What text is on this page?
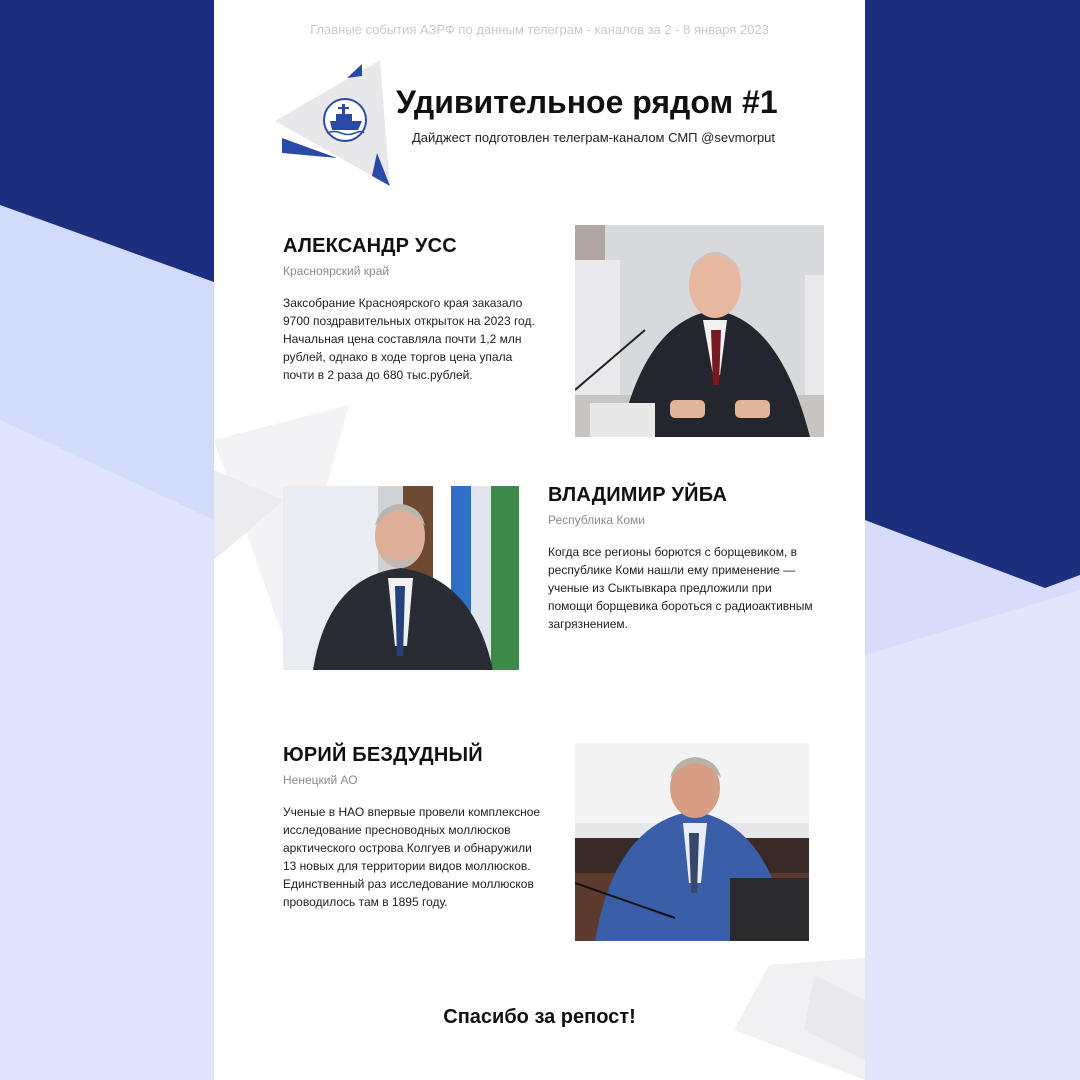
Главные события АЗРФ по данным телеграм - каналов за 2 - 8 января 2023
Удивительное рядом #1
Дайджест подготовлен телеграм-каналом СМП @sevmorput
АЛЕКСАНДР УСС
Красноярский край
Заксобрание Красноярского края заказало 9700 поздравительных открыток на 2023 год. Начальная цена составляла почти 1,2 млн рублей, однако в ходе торгов цена упала почти в 2 раза до 680 тыс.рублей.
ВЛАДИМИР УЙБА
Республика Коми
Когда все регионы борются с борщевиком, в республике Коми нашли ему применение — ученые из Сыктывкара предложили при помощи борщевика бороться с радиоактивным загрязнением.
ЮРИЙ БЕЗДУДНЫЙ
Ненецкий АО
Ученые в НАО впервые провели комплексное исследование пресноводных моллюсков арктического острова Колгуев и обнаружили 13 новых для территории видов моллюсков. Единственный раз исследование моллюсков проводилось там в 1895 году.
Спасибо за репост!
